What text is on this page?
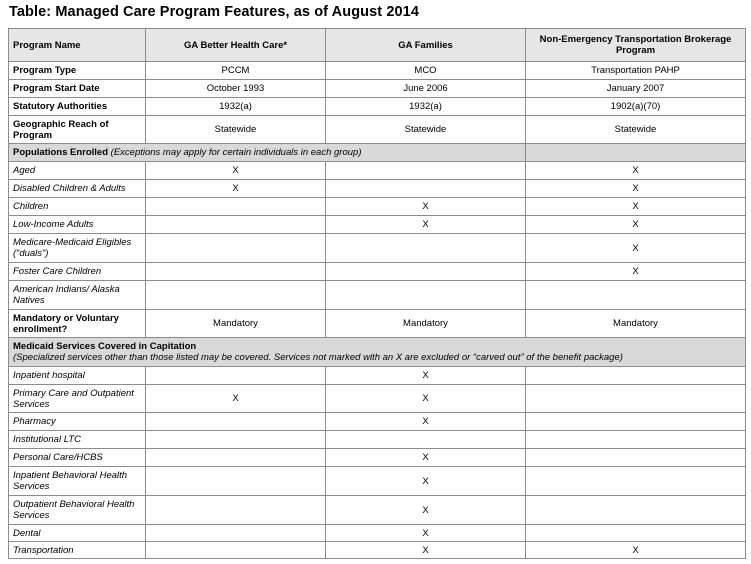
Table: Managed Care Program Features, as of August 2014
Program Name	GA Better Health Care*	GA Families	Non-Emergency Transportation Brokerage Program
Program Type	PCCM	MCO	Transportation PAHP
Program Start Date	October 1993	June 2006	January 2007
Statutory Authorities	1932(a)	1932(a)	1902(a)(70)
Geographic Reach of Program	Statewide	Statewide	Statewide
Populations Enrolled (Exceptions may apply for certain individuals in each group)			
Aged	X		X
Disabled Children & Adults	X		X
Children		X	X
Low-Income Adults		X	X
Medicare-Medicaid Eligibles (“duals”)			X
Foster Care Children			X
American Indians/ Alaska Natives			
Mandatory or Voluntary enrollment?	Mandatory	Mandatory	Mandatory

Medicaid Services Covered in Capitation
(Specialized services other than those listed may be covered. Services not marked with an X are excluded or “carved out” of the benefit package)			

Inpatient hospital		X	
Primary Care and Outpatient Services	X	X	
Pharmacy		X	
Institutional LTC			
Personal Care/HCBS		X	
Inpatient Behavioral Health Services		X	
Outpatient Behavioral Health Services		X	
Dental		X	
Transportation		X	X
